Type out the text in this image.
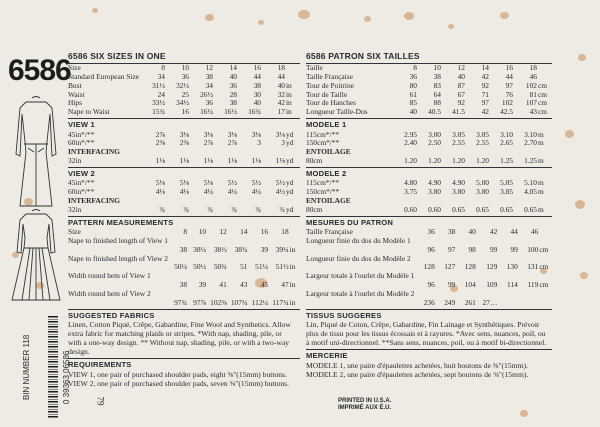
6586
6586 SIX SIZES IN ONE
Size	8	10	12	14	16	18	
Standard European Size	34	36	38	40	44	44	
Bust	31½	32½	34	36	38	40	in
Waist	24	25	26½	28	30	32	in
Hips	33½	34½	36	38	40	42	in
Nape to Waist	15¾	16	16¼	16½	16¾	17	in
VIEW 1
45in*/**	2⅞	3⅛	3⅛	3⅛	3⅛	3⅛	yd
60in*/**	2⅜	2⅜	2⅞	2⅞	3	3	yd
INTERFACING							
32in	1⅛	1⅛	1⅛	1⅛	1⅛	1⅛	yd
VIEW 2
45in*/**	5⅛	5⅛	5⅛	5½	5½	5½	yd
60in*/**	4⅛	4⅛	4¼	4¼	4¼	4½	yd
INTERFACING							
32in	¾	¾	¾	¾	¾	¾	yd
PATTERN MEASUREMENTS
Size	8	10	12	14	16	18	
Nape to finished length of View 1							
	38	38¼	38½	38¾	39	39¼	in
Nape to finished length of View 2							
	50¼	50½	50¾	51	51¼	51½	in
Width round hem of View 1							
	38	39	41	43	45	47	in
Width round hem of View 2							
	97¾	97⅞	102⅜	107¾	112¼	117¼	in
SUGGESTED FABRICS
Linen, Cotton Piqué, Crêpe, Gabardine, Fine Wool and Synthetics. Allow extra fabric for matching plaids or stripes. *With nap, shading, pile, or with a one-way design. ** Without nap, shading, pile, or with a two-way design.
REQUIREMENTS
VIEW 1, one pair of purchased shoulder pads, eight ⅝"(15mm) buttons. VIEW 2, one pair of purchased shoulder pads, seven ⅝"(15mm) buttons.
6586 PATRON SIX TAILLES
Taille	8	10	12	14	16	18	
Taille Française	36	38	40	42	44	46	
Tour de Poitrine	80	83	87	92	97	102	cm
Tour de Taille	61	64	67	71	76	81	cm
Tour de Hanches	85	88	92	97	102	107	cm
Longueur Taille-Dos	40	40.5	41.5	42	42.5	43	cm
MODELE 1
115cm*/**	2.95	3.00	3.05	3.05	3.10	3.10	m
150cm*/**	2.40	2.50	2.55	2.55	2.65	2.70	m
ENTOILAGE							
80cm	1.20	1.20	1.20	1.20	1.25	1.25	m
MODELE 2
115cm*/**	4.80	4.90	4.90	5.00	5.05	5.10	m
150cm*/**	3.75	3.80	3.80	3.80	3.85	4.05	m
ENTOILAGE							
80cm	0.60	0.60	0.65	0.65	0.65	0.65	m
MESURES DU PATRON
Taille Française	36	38	40	42	44	46	
Longueur finie du dos du Modèle 1							
	96	97	98	99	99	100	cm
Longueur finie du dos du Modèle 2							
	128	127	128	129	130	131	cm
Largeur totale à l'ourlet du Modèle 1							
	96	99	104	109	114	119	cm
Largeur totale à l'ourlet du Modèle 2							
	236	249	261	27…			
TISSUS SUGGERES
Lin, Piqué de Coton, Crêpe, Gabardine, Fin Lainage et Synthétiques. Prévoir plus de tissu pour les tissus écossais et à rayures. *Avec sens, nuances, poil, ou à motif uni-directionnel. **Sans sens, nuances, poil, ou à motif bi-directionnel.
MERCERIE
MODELE 1, une paire d'épaulettes achetées, huit boutons de ⅝"(15mm). MODELE 2, une paire d'épaulettes achetées, sept boutons de ⅝"(15mm).
BIN NUMBER 118
0 39363 06586	79	PRINTED IN U.S.A.
IMPRIMÉ AUX É.U.
